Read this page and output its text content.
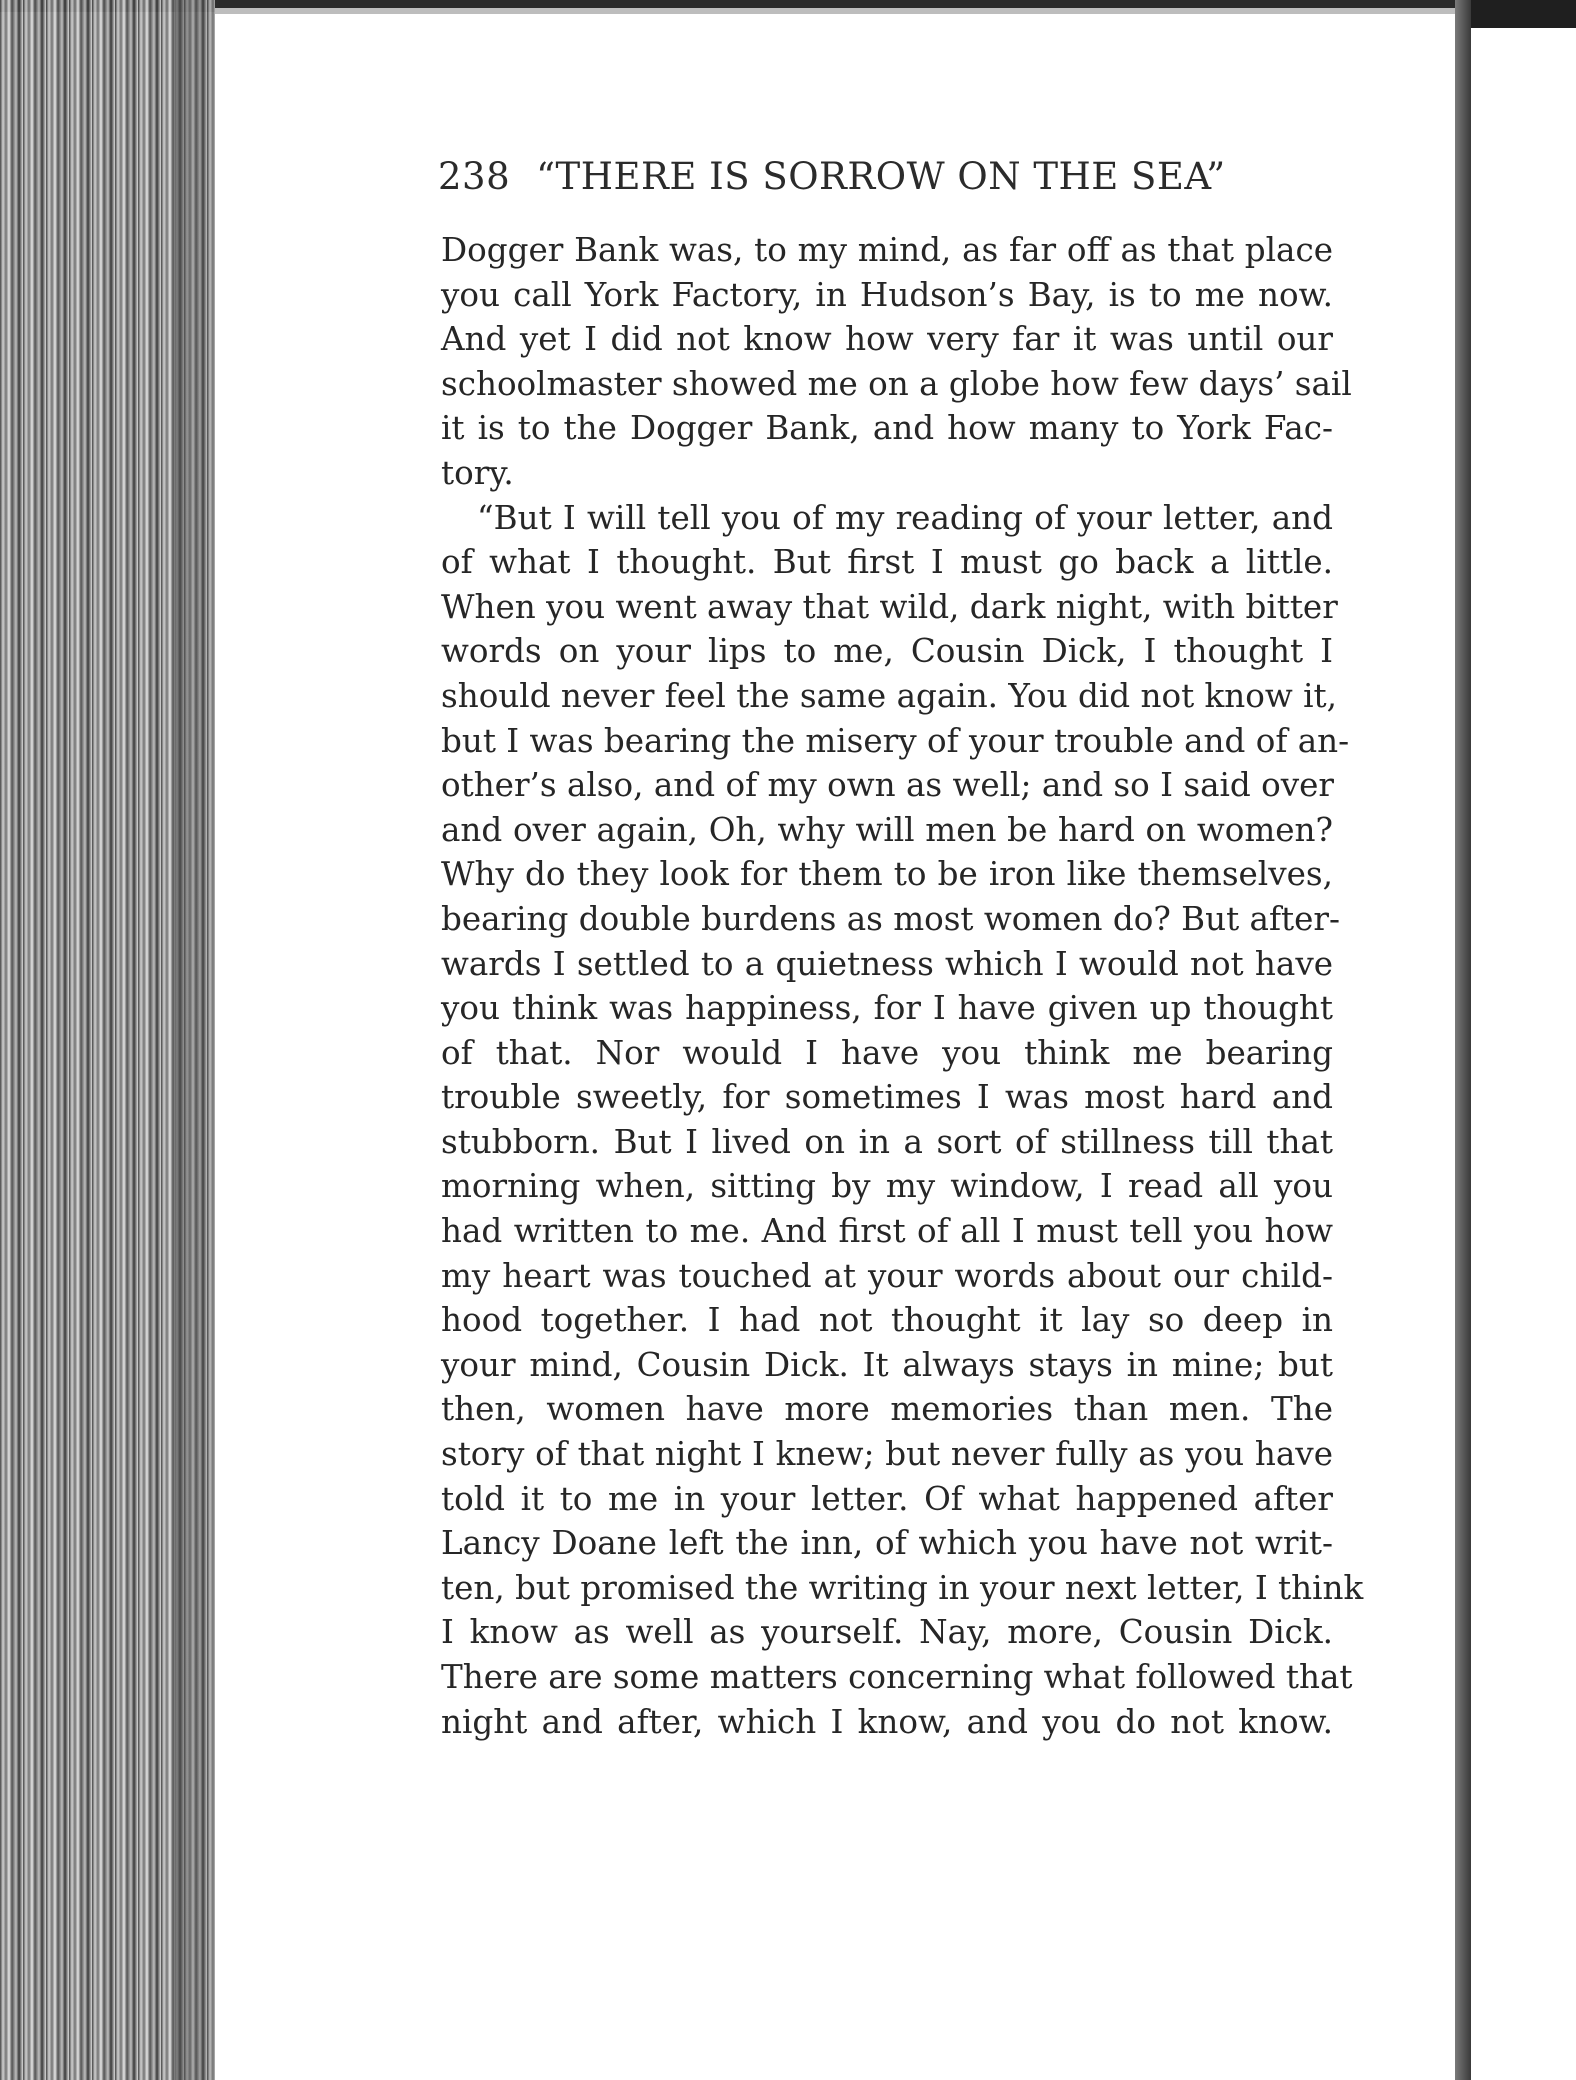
238 “THERE IS SORROW ON THE SEA”
Dogger Bank was, to my mind, as far off as that place
you call York Factory, in Hudson’s Bay, is to me now.
And yet I did not know how very far it was until our
schoolmaster showed me on a globe how few days’ sail
it is to the Dogger Bank, and how many to York Fac-
tory.
“But I will tell you of my reading of your letter, and
of what I thought. But first I must go back a little.
When you went away that wild, dark night, with bitter
words on your lips to me, Cousin Dick, I thought I
should never feel the same again. You did not know it,
but I was bearing the misery of your trouble and of an-
other’s also, and of my own as well; and so I said over
and over again, Oh, why will men be hard on women?
Why do they look for them to be iron like themselves,
bearing double burdens as most women do? But after-
wards I settled to a quietness which I would not have
you think was happiness, for I have given up thought
of that. Nor would I have you think me bearing
trouble sweetly, for sometimes I was most hard and
stubborn. But I lived on in a sort of stillness till that
morning when, sitting by my window, I read all you
had written to me. And first of all I must tell you how
my heart was touched at your words about our child-
hood together. I had not thought it lay so deep in
your mind, Cousin Dick. It always stays in mine; but
then, women have more memories than men. The
story of that night I knew; but never fully as you have
told it to me in your letter. Of what happened after
Lancy Doane left the inn, of which you have not writ-
ten, but promised the writing in your next letter, I think
I know as well as yourself. Nay, more, Cousin Dick.
There are some matters concerning what followed that
night and after, which I know, and you do not know.
